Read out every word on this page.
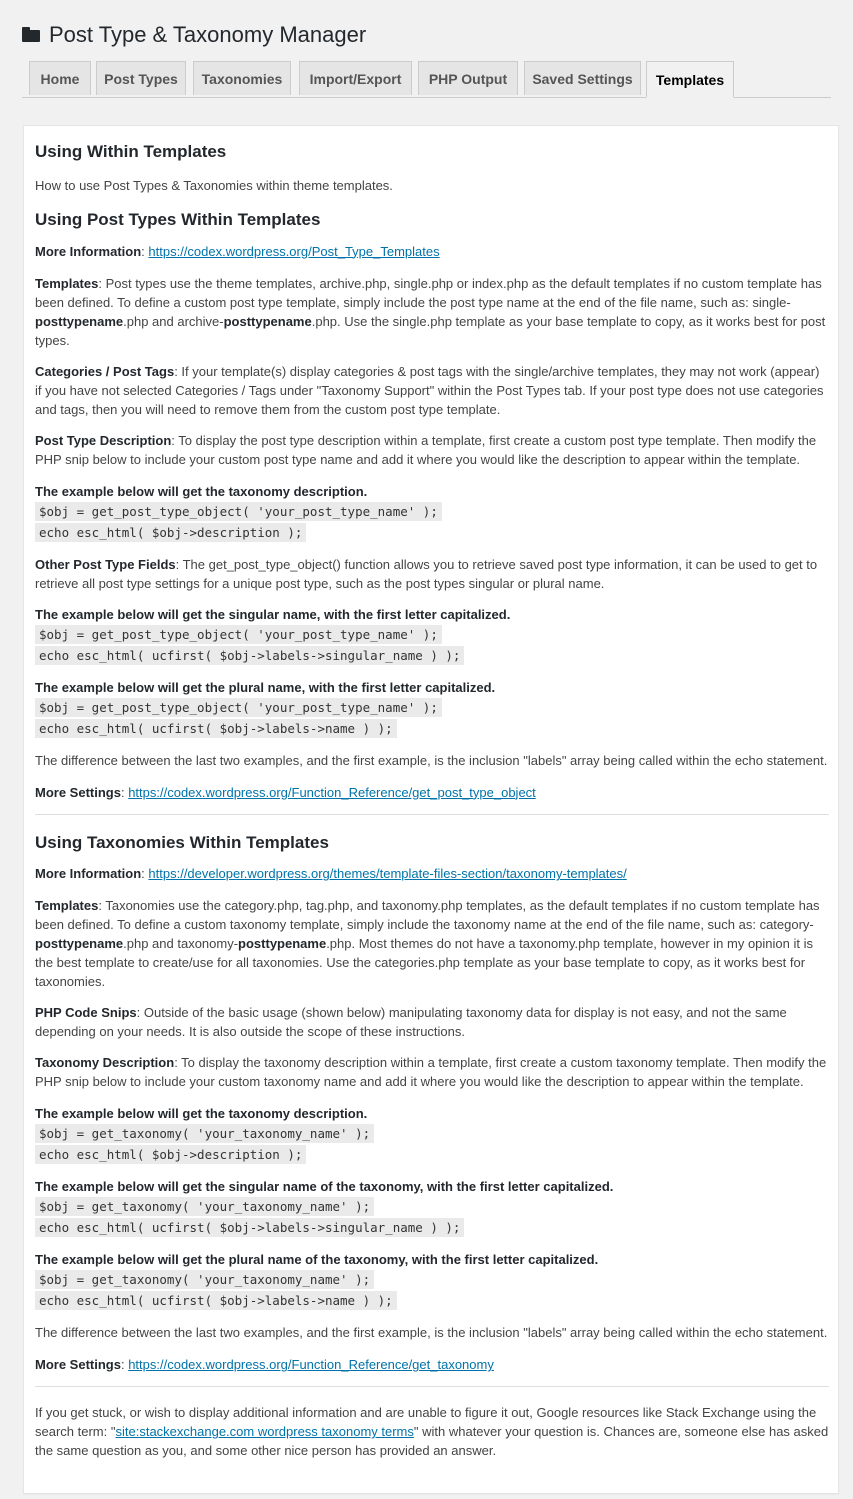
Post Type & Taxonomy Manager
Home	Post Types	Taxonomies	Import/Export	PHP Output	Saved Settings	Templates
Using Within Templates

How to use Post Types & Taxonomies within theme templates.

Using Post Types Within Templates

More Information: https://codex.wordpress.org/Post_Type_Templates

Templates: Post types use the theme templates, archive.php, single.php or index.php as the default templates if no custom template has been defined. To define a custom post type template, simply include the post type name at the end of the file name, such as: single-posttypename.php and archive-posttypename.php. Use the single.php template as your base template to copy, as it works best for post types.

Categories / Post Tags: If your template(s) display categories & post tags with the single/archive templates, they may not work (appear) if you have not selected Categories / Tags under "Taxonomy Support" within the Post Types tab. If your post type does not use categories and tags, then you will need to remove them from the custom post type template.

Post Type Description: To display the post type description within a template, first create a custom post type template. Then modify the PHP snip below to include your custom post type name and add it where you would like the description to appear within the template.

The example below will get the taxonomy description.

$obj = get_post_type_object( 'your_post_type_name' );
echo esc_html( $obj->description );

Other Post Type Fields: The get_post_type_object() function allows you to retrieve saved post type information, it can be used to get to retrieve all post type settings for a unique post type, such as the post types singular or plural name.

The example below will get the singular name, with the first letter capitalized.

$obj = get_post_type_object( 'your_post_type_name' );
echo esc_html( ucfirst( $obj->labels->singular_name ) );

The example below will get the plural name, with the first letter capitalized.

$obj = get_post_type_object( 'your_post_type_name' );
echo esc_html( ucfirst( $obj->labels->name ) );

The difference between the last two examples, and the first example, is the inclusion "labels" array being called within the echo statement.

More Settings: https://codex.wordpress.org/Function_Reference/get_post_type_object

Using Taxonomies Within Templates

More Information: https://developer.wordpress.org/themes/template-files-section/taxonomy-templates/

Templates: Taxonomies use the category.php, tag.php, and taxonomy.php templates, as the default templates if no custom template has been defined. To define a custom taxonomy template, simply include the taxonomy name at the end of the file name, such as: category-posttypename.php and taxonomy-posttypename.php. Most themes do not have a taxonomy.php template, however in my opinion it is the best template to create/use for all taxonomies. Use the categories.php template as your base template to copy, as it works best for taxonomies.

PHP Code Snips: Outside of the basic usage (shown below) manipulating taxonomy data for display is not easy, and not the same depending on your needs. It is also outside the scope of these instructions.

Taxonomy Description: To display the taxonomy description within a template, first create a custom taxonomy template. Then modify the PHP snip below to include your custom taxonomy name and add it where you would like the description to appear within the template.

The example below will get the taxonomy description.

$obj = get_taxonomy( 'your_taxonomy_name' );
echo esc_html( $obj->description );

The example below will get the singular name of the taxonomy, with the first letter capitalized.

$obj = get_taxonomy( 'your_taxonomy_name' );
echo esc_html( ucfirst( $obj->labels->singular_name ) );

The example below will get the plural name of the taxonomy, with the first letter capitalized.

$obj = get_taxonomy( 'your_taxonomy_name' );
echo esc_html( ucfirst( $obj->labels->name ) );

The difference between the last two examples, and the first example, is the inclusion "labels" array being called within the echo statement.

More Settings: https://codex.wordpress.org/Function_Reference/get_taxonomy

If you get stuck, or wish to display additional information and are unable to figure it out, Google resources like Stack Exchange using the search term: "site:stackexchange.com wordpress taxonomy terms" with whatever your question is. Chances are, someone else has asked the same question as you, and some other nice person has provided an answer.
